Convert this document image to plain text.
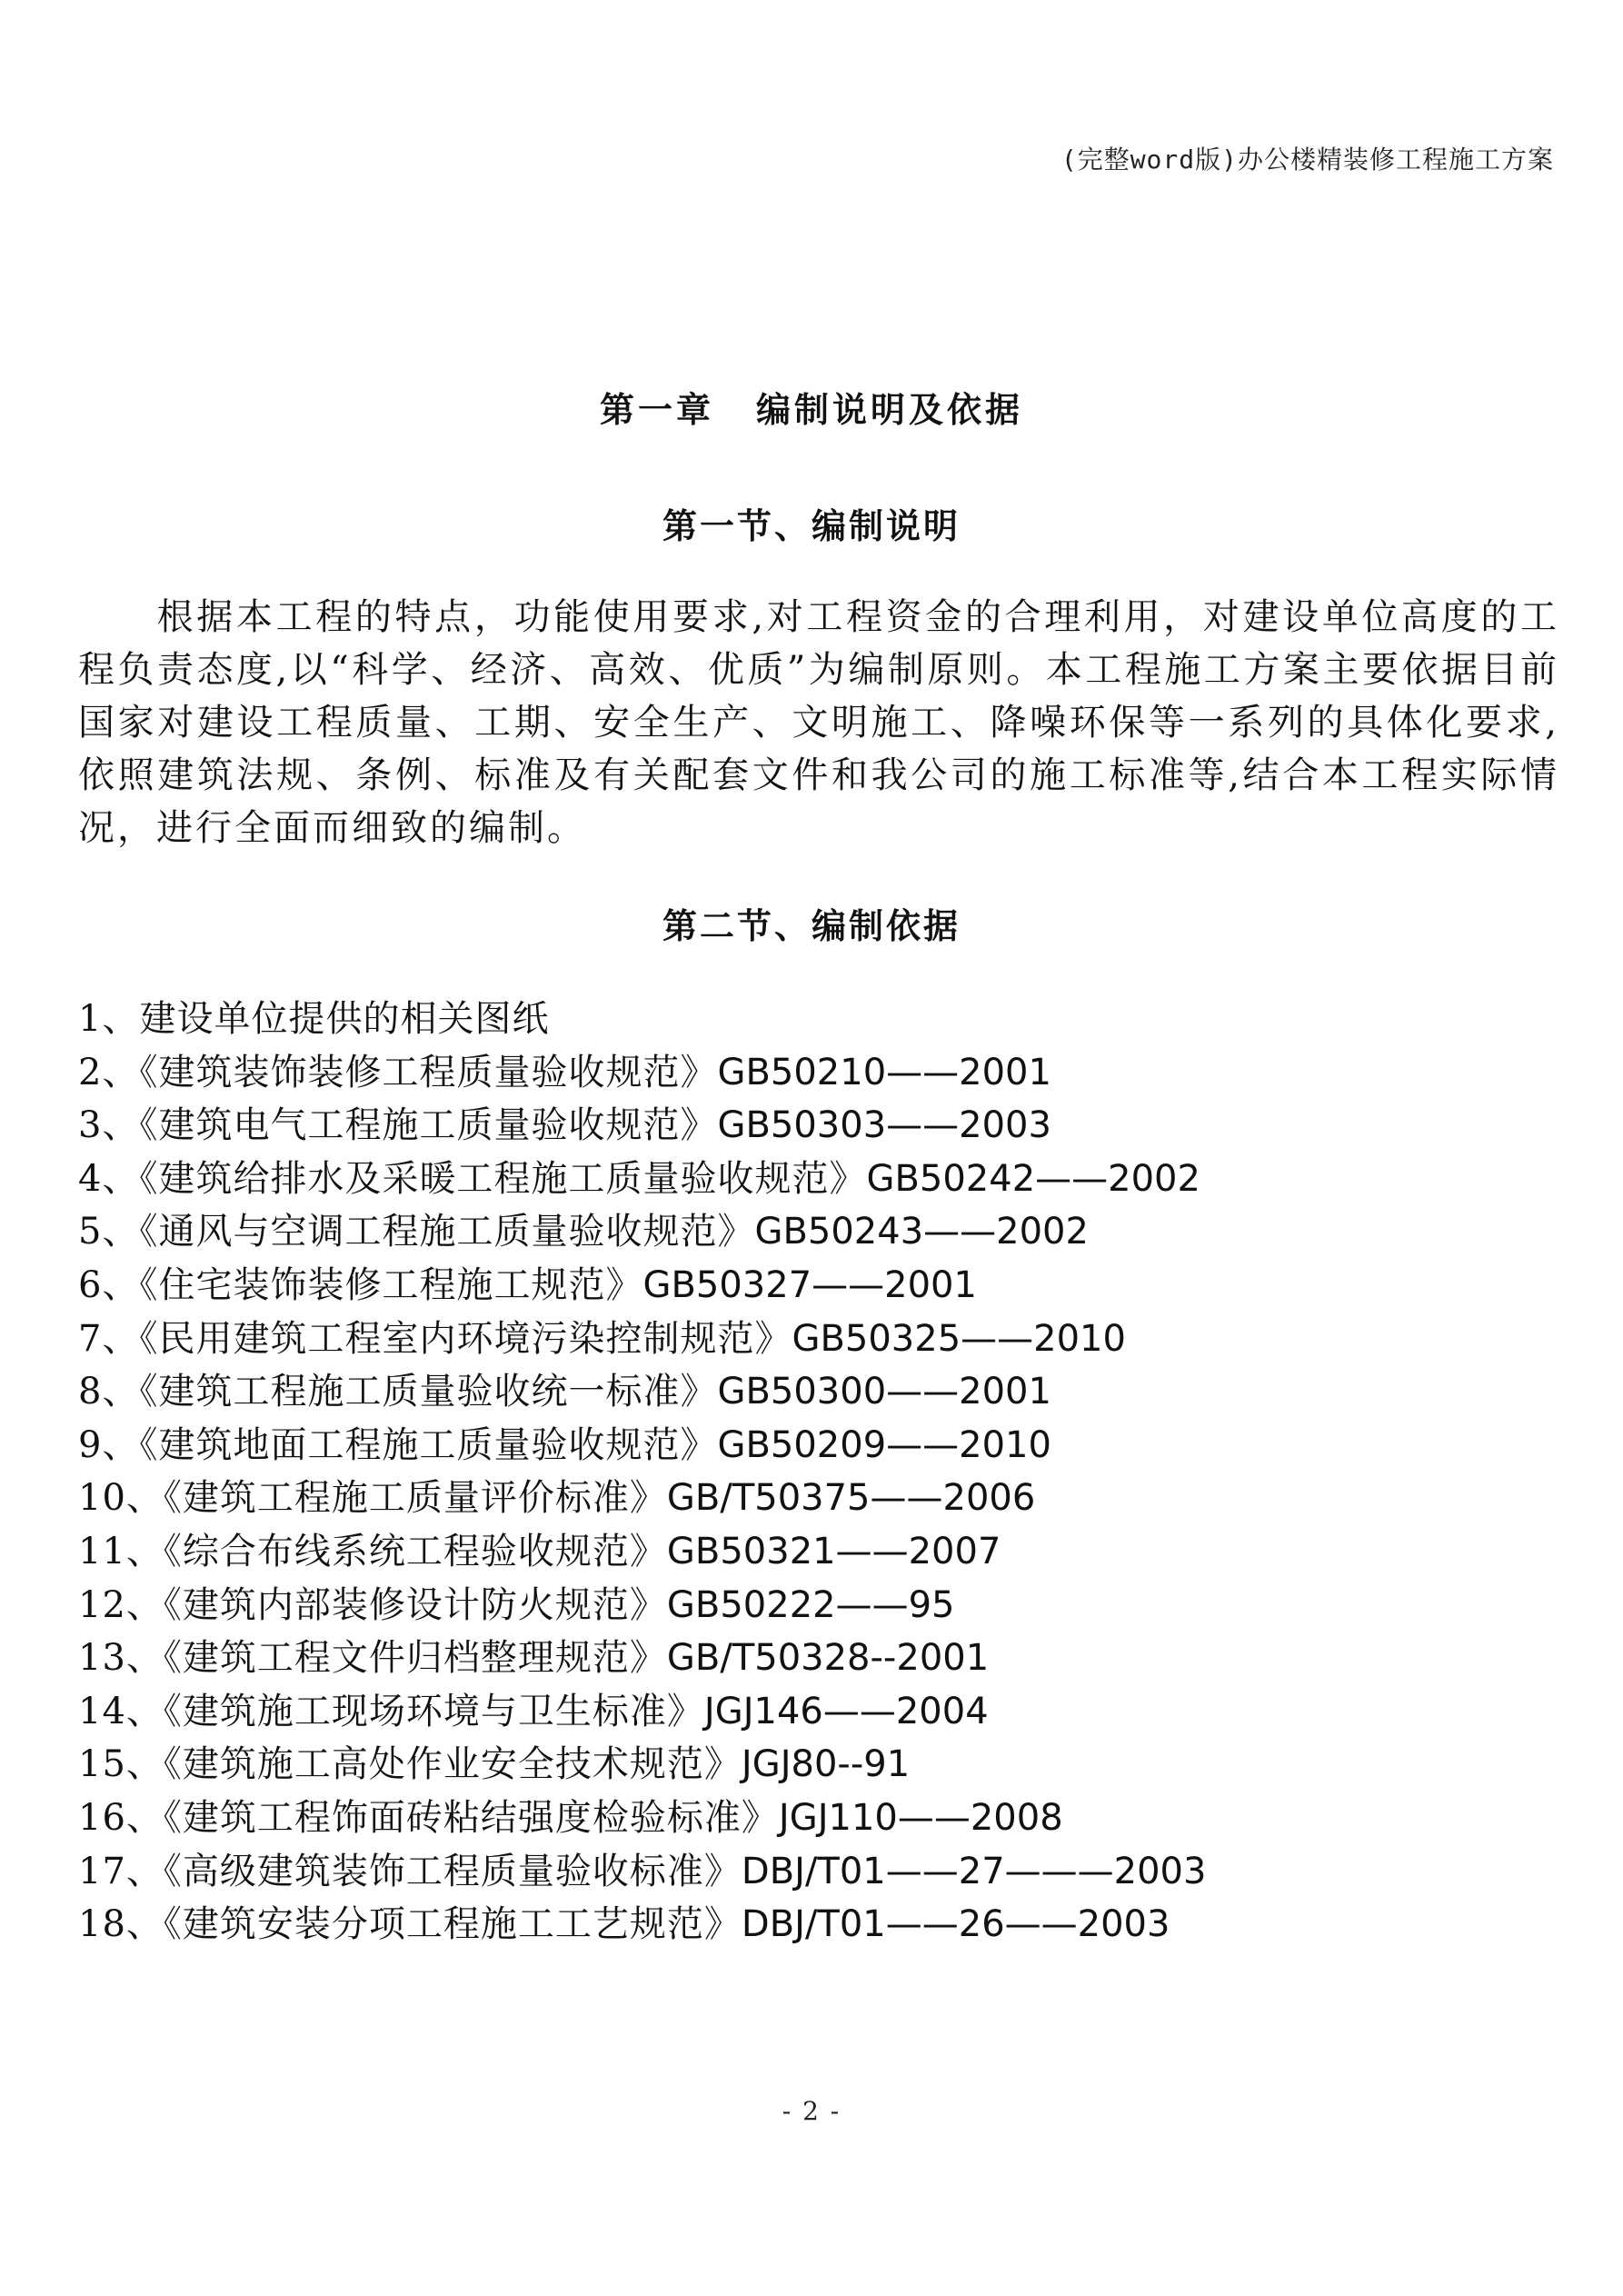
(完整word版)办公楼精装修工程施工方案
第一章 编制说明及依据
第一节、编制说明
根据本工程的特点，功能使用要求,对工程资金的合理利用，对建设单位高度的工程负责态度,以“科学、经济、高效、优质”为编制原则。本工程施工方案主要依据目前国家对建设工程质量、工期、安全生产、文明施工、降噪环保等一系列的具体化要求,依照建筑法规、条例、标准及有关配套文件和我公司的施工标准等,结合本工程实际情况，进行全面而细致的编制。
第二节、编制依据
1、建设单位提供的相关图纸
2、《建筑装饰装修工程质量验收规范》GB50210——2001
3、《建筑电气工程施工质量验收规范》GB50303——2003
4、《建筑给排水及采暖工程施工质量验收规范》GB50242——2002
5、《通风与空调工程施工质量验收规范》GB50243——2002
6、《住宅装饰装修工程施工规范》GB50327——2001
7、《民用建筑工程室内环境污染控制规范》GB50325——2010
8、《建筑工程施工质量验收统一标准》GB50300——2001
9、《建筑地面工程施工质量验收规范》GB50209——2010
10、《建筑工程施工质量评价标准》GB/T50375——2006
11、《综合布线系统工程验收规范》GB50321——2007
12、《建筑内部装修设计防火规范》GB50222——95
13、《建筑工程文件归档整理规范》GB/T50328--2001
14、《建筑施工现场环境与卫生标准》JGJ146——2004
15、《建筑施工高处作业安全技术规范》JGJ80--91
16、《建筑工程饰面砖粘结强度检验标准》JGJ110——2008
17、《高级建筑装饰工程质量验收标准》DBJ/T01——27———2003
18、《建筑安装分项工程施工工艺规范》DBJ/T01——26——2003
- 2 -
